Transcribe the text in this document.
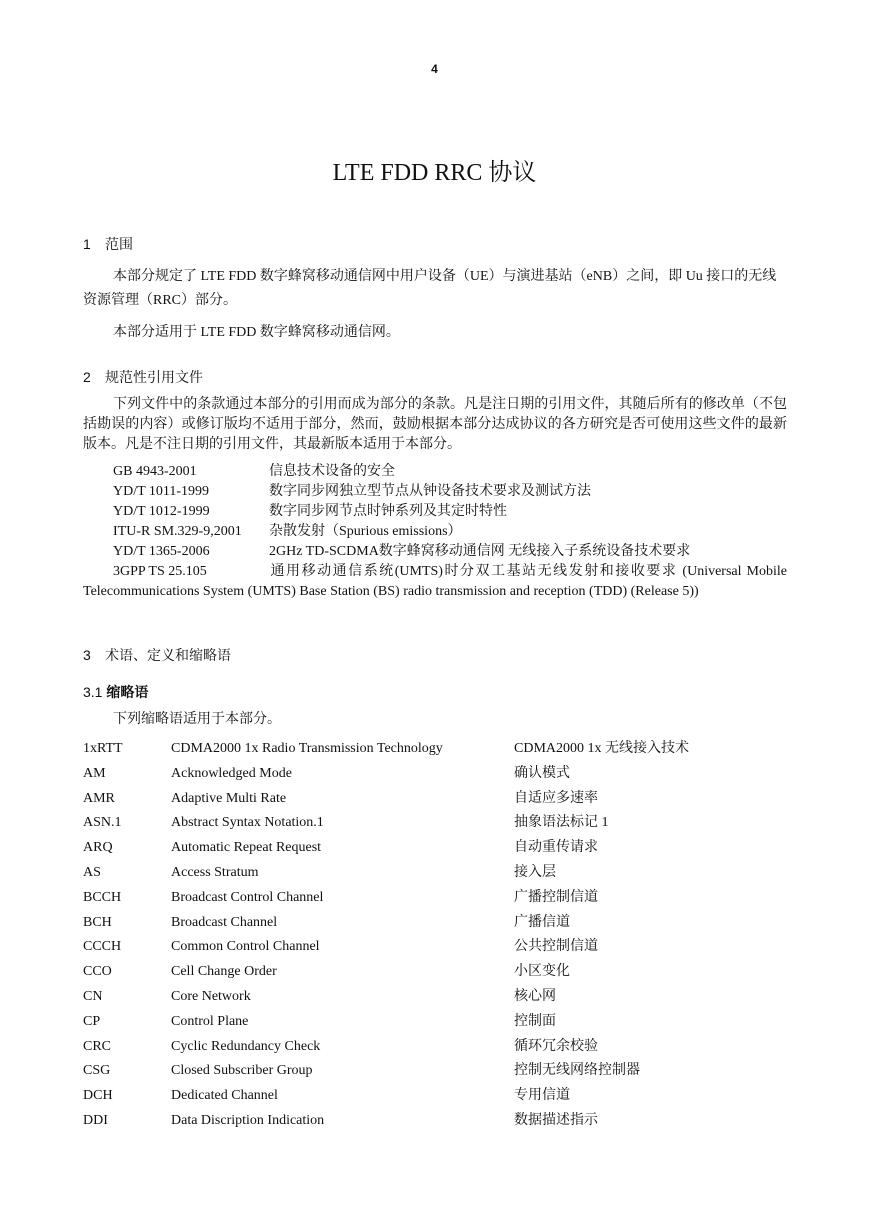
4
LTE FDD RRC 协议
1 范围

本部分规定了 LTE FDD 数字蜂窝移动通信网中用户设备（UE）与演进基站（eNB）之间，即 Uu 接口的无线资源管理（RRC）部分。

本部分适用于 LTE FDD 数字蜂窝移动通信网。

2 规范性引用文件

下列文件中的条款通过本部分的引用而成为部分的条款。凡是注日期的引用文件，其随后所有的修改单（不包括勘误的内容）或修订版均不适用于部分，然而，鼓励根据本部分达成协议的各方研究是否可使用这些文件的最新版本。凡是不注日期的引用文件，其最新版本适用于本部分。

GB 4943-2001	信息技术设备的安全
YD/T 1011-1999	数字同步网独立型节点从钟设备技术要求及测试方法
YD/T 1012-1999	数字同步网节点时钟系列及其定时特性
ITU-R SM.329-9,2001 杂散发射（Spurious emissions）
YD/T 1365-2006	2GHz TD-SCDMA数字蜂窝移动通信网 无线接入子系统设备技术要求
3GPP TS 25.105	通用移动通信系统(UMTS)时分双工基站无线发射和接收要求 (Universal Mobile Telecommunications System (UMTS) Base Station (BS) radio transmission and reception (TDD) (Release 5))
3 术语、定义和缩略语
3.1 缩略语
下列缩略语适用于本部分。
1xRTT	CDMA2000 1x Radio Transmission Technology	CDMA2000 1x 无线接入技术
AM	Acknowledged Mode	确认模式
AMR	Adaptive Multi Rate	自适应多速率
ASN.1	Abstract Syntax Notation.1	抽象语法标记 1
ARQ	Automatic Repeat Request	自动重传请求
AS	Access Stratum	接入层
BCCH	Broadcast Control Channel	广播控制信道
BCH	Broadcast Channel	广播信道
CCCH	Common Control Channel	公共控制信道
CCO	Cell Change Order	小区变化
CN	Core Network	核心网
CP	Control Plane	控制面
CRC	Cyclic Redundancy Check	循环冗余校验
CSG	Closed Subscriber Group	控制无线网络控制器
DCH	Dedicated Channel	专用信道
DDI	Data Discription Indication	数据描述指示
